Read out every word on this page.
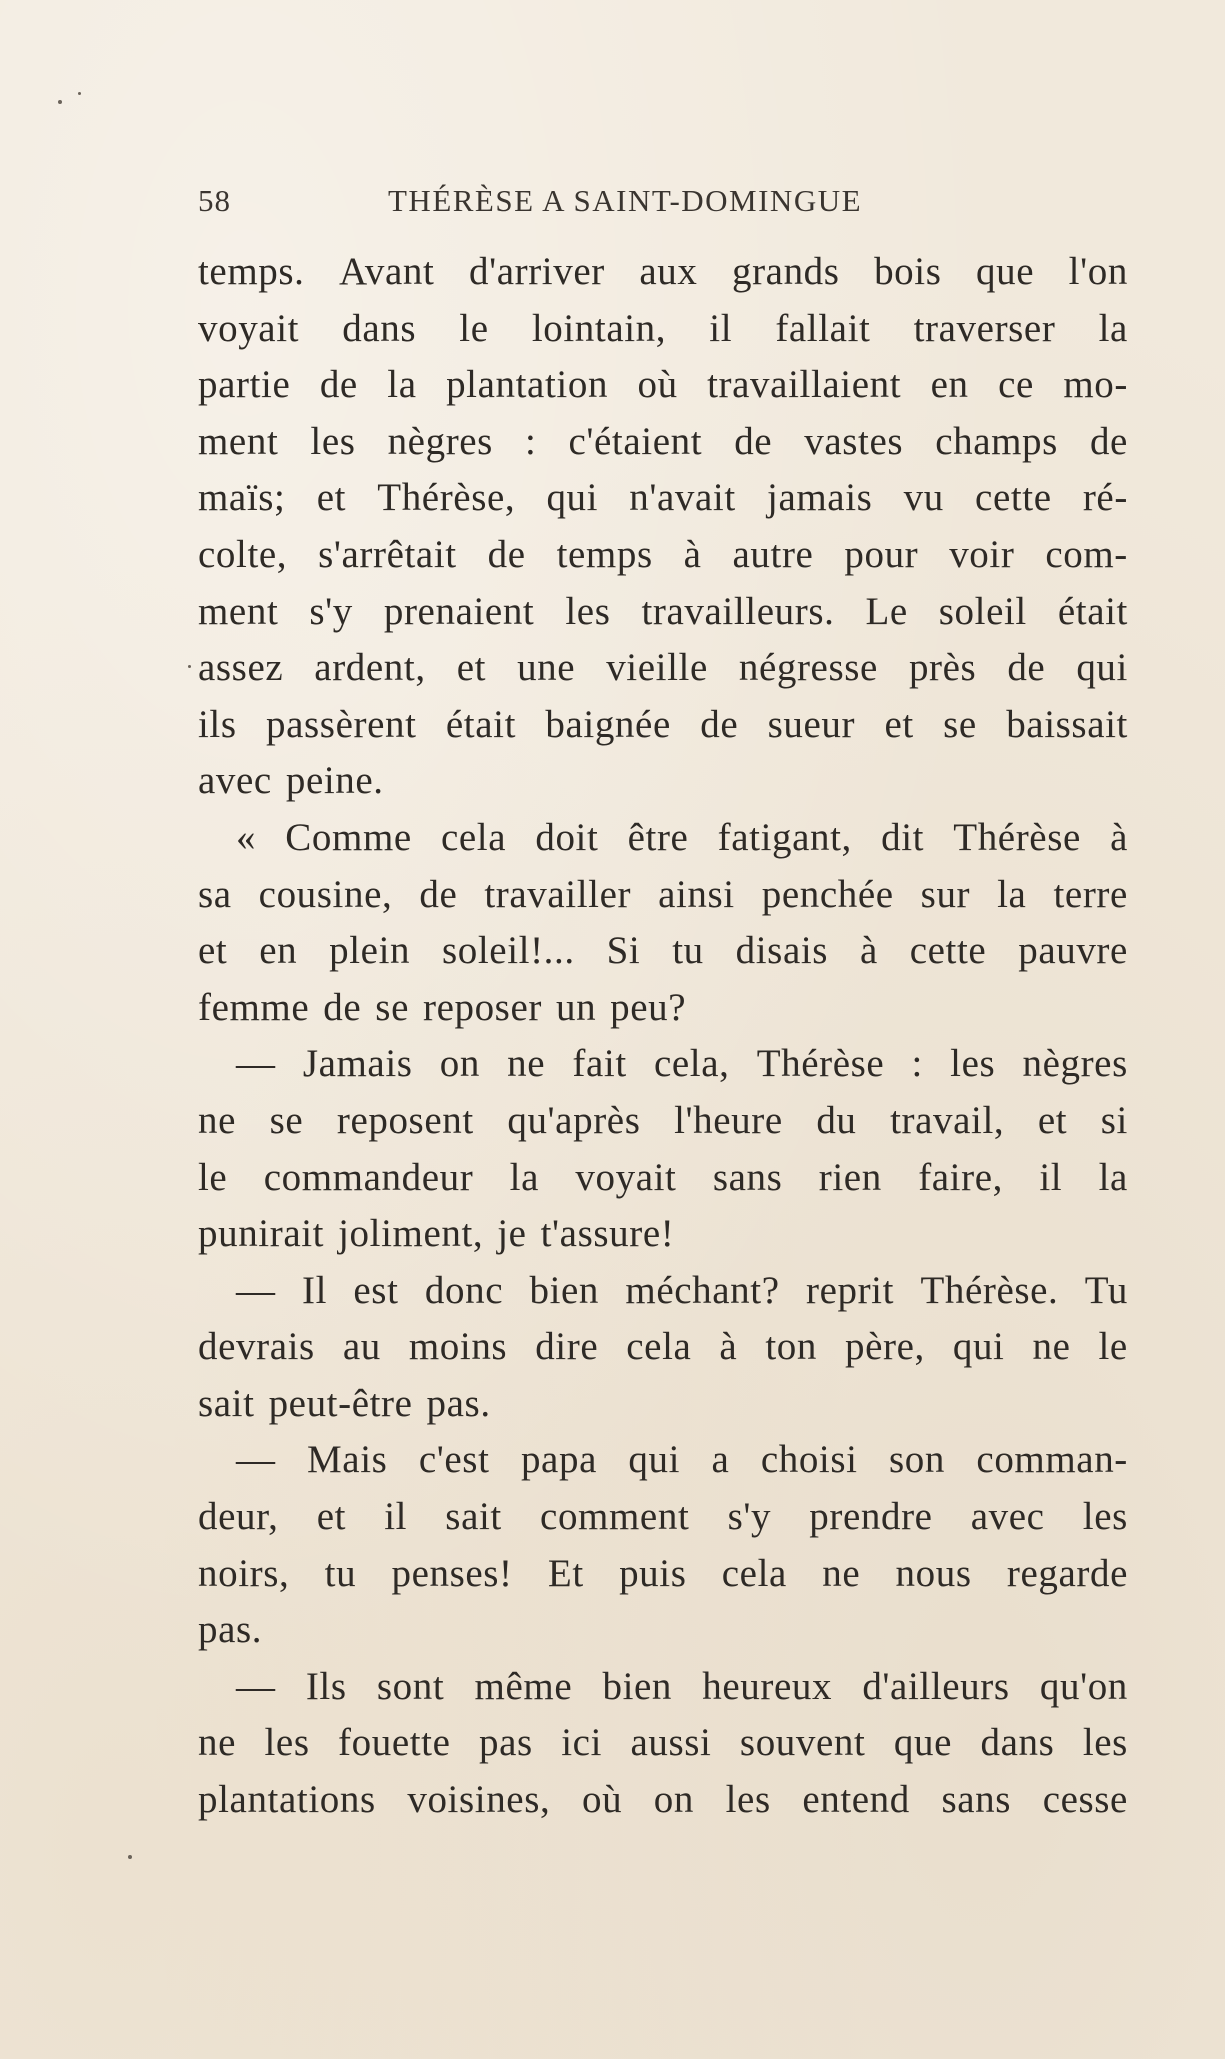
58	THÉRÈSE A SAINT-DOMINGUE
temps. Avant d'arriver aux grands bois que l'on
voyait dans le lointain, il fallait traverser la
partie de la plantation où travaillaient en ce mo-
ment les nègres : c'étaient de vastes champs de
maïs; et Thérèse, qui n'avait jamais vu cette ré-
colte, s'arrêtait de temps à autre pour voir com-
ment s'y prenaient les travailleurs. Le soleil était
assez ardent, et une vieille négresse près de qui
ils passèrent était baignée de sueur et se baissait
avec peine.
« Comme cela doit être fatigant, dit Thérèse à
sa cousine, de travailler ainsi penchée sur la terre
et en plein soleil!... Si tu disais à cette pauvre
femme de se reposer un peu?
— Jamais on ne fait cela, Thérèse : les nègres
ne se reposent qu'après l'heure du travail, et si
le commandeur la voyait sans rien faire, il la
punirait joliment, je t'assure!
— Il est donc bien méchant? reprit Thérèse. Tu
devrais au moins dire cela à ton père, qui ne le
sait peut-être pas.
— Mais c'est papa qui a choisi son comman-
deur, et il sait comment s'y prendre avec les
noirs, tu penses! Et puis cela ne nous regarde
pas.
— Ils sont même bien heureux d'ailleurs qu'on
ne les fouette pas ici aussi souvent que dans les
plantations voisines, où on les entend sans cesse
